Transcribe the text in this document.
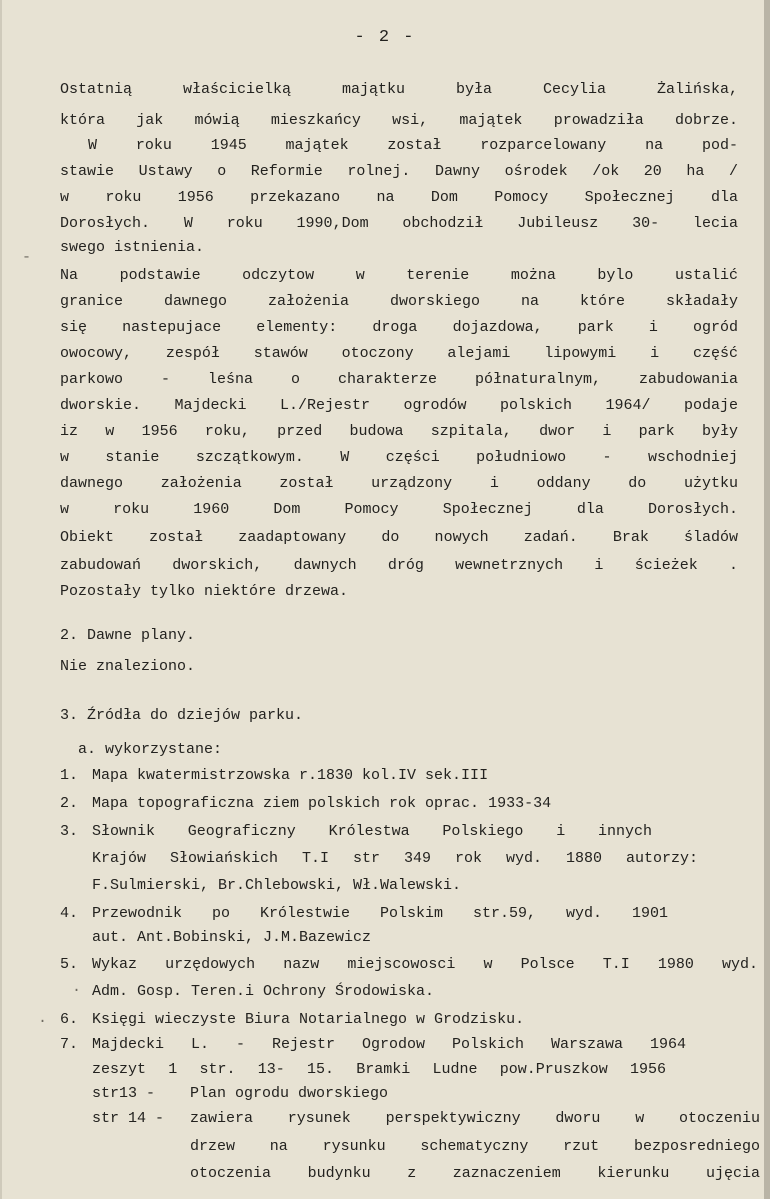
- 2 -
Ostatnią właścicielką majątku była Cecylia Żalińska,
która jak mówią mieszkańcy wsi, majątek prowadziła dobrze.
W roku 1945 majątek został rozparcelowany na pod-
stawie Ustawy o Reformie rolnej. Dawny ośrodek /ok 20 ha /
w roku 1956 przekazano na Dom Pomocy Społecznej dla
Dorosłych. W roku 1990,Dom obchodził Jubileusz 30- lecia
swego istnienia.
-
Na podstawie odczytow w terenie można bylo ustalić
granice dawnego założenia dworskiego na które składały
się nastepujace elementy: droga dojazdowa, park i ogród
owocowy, zespół stawów otoczony alejami lipowymi i część
parkowo - leśna o charakterze półnaturalnym, zabudowania
dworskie. Majdecki L./Rejestr ogrodów polskich 1964/ podaje
iz w 1956 roku, przed budowa szpitala, dwor i park były
w stanie szczątkowym. W części południowo - wschodniej
dawnego założenia został urządzony i oddany do użytku
w roku 1960 Dom Pomocy Społecznej dla Dorosłych.
Obiekt został zaadaptowany do nowych zadań. Brak śladów
zabudowań dworskich, dawnych dróg wewnetrznych i ścieżek .
Pozostały tylko niektóre drzewa.
2. Dawne plany.
Nie znaleziono.
3. Źródła do dziejów parku.
a. wykorzystane:
1. Mapa kwatermistrzowska r.1830 kol.IV sek.III
2. Mapa topograficzna ziem polskich rok oprac. 1933-34
3. Słownik Geograficzny Królestwa Polskiego i innych
Krajów Słowiańskich T.I str 349 rok wyd. 1880 autorzy:
F.Sulmierski, Br.Chlebowski, Wł.Walewski.
4. Przewodnik po Królestwie Polskim str.59, wyd. 1901
aut. Ant.Bobinski, J.M.Bazewicz
5. Wykaz urzędowych nazw miejscowosci w Polsce T.I 1980 wyd.
Adm. Gosp. Teren.i Ochrony Środowiska.
·
6. Księgi wieczyste Biura Notarialnego w Grodzisku.
.
7. Majdecki L. - Rejestr Ogrodow Polskich Warszawa 1964
zeszyt 1 str. 13- 15. Bramki Ludne pow.Pruszkow 1956
str13 - Plan ogrodu dworskiego
str 14 - zawiera rysunek perspektywiczny dworu w otoczeniu
drzew na rysunku schematyczny rzut bezposredniego
otoczenia budynku z zaznaczeniem kierunku ujęcia
